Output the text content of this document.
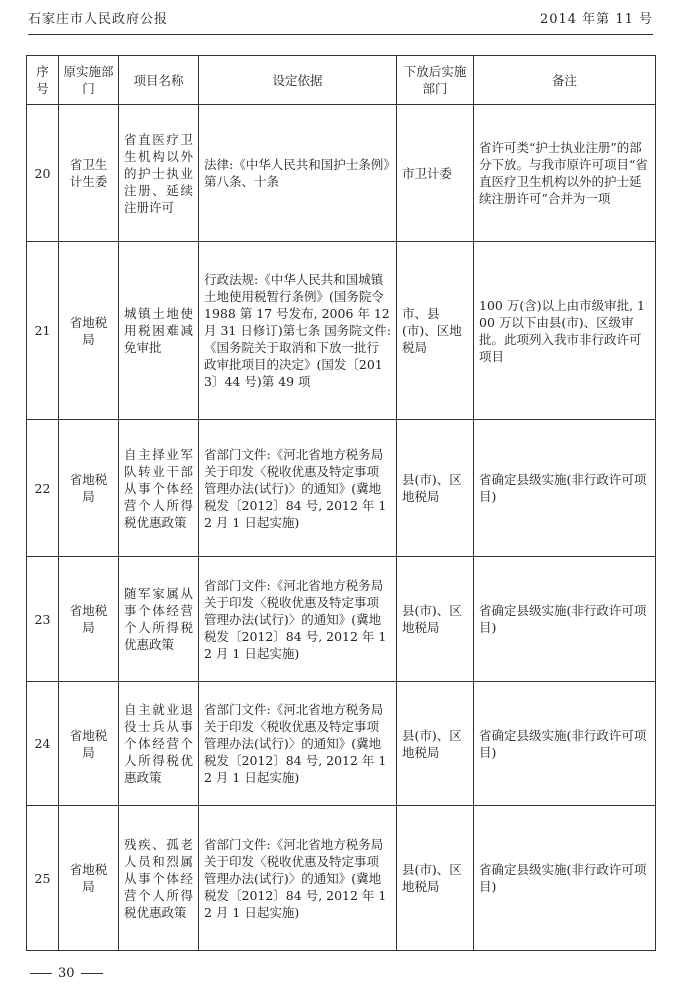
石家庄市人民政府公报	2014 年第 11 号
序号	原实施部门	项目名称	设定依据	下放后实施部门	备注
20	省卫生计生委	省直医疗卫生机构以外的护士执业注册、延续注册许可	法律:《中华人民共和国护士条例》第八条、十条	市卫计委	省许可类“护士执业注册”的部分下放。与我市原许可项目“省直医疗卫生机构以外的护士延续注册许可”合并为一项
21	省地税局	城镇土地使用税困难减免审批	行政法规:《中华人民共和国城镇土地使用税暂行条例》(国务院令 1988 第 17 号发布, 2006 年 12 月 31 日修订)第七条 国务院文件:《国务院关于取消和下放一批行政审批项目的决定》(国发〔2013〕44 号)第 49 项	市、县(市)、区地税局	100 万(含)以上由市级审批, 100 万以下由县(市)、区级审批。此项列入我市非行政许可项目
22	省地税局	自主择业军队转业干部从事个体经营个人所得税优惠政策	省部门文件:《河北省地方税务局关于印发〈税收优惠及特定事项管理办法(试行)〉的通知》(冀地税发〔2012〕84 号, 2012 年 12 月 1 日起实施)	县(市)、区地税局	省确定县级实施(非行政许可项目)
23	省地税局	随军家属从事个体经营个人所得税优惠政策	省部门文件:《河北省地方税务局关于印发〈税收优惠及特定事项管理办法(试行)〉的通知》(冀地税发〔2012〕84 号, 2012 年 12 月 1 日起实施)	县(市)、区地税局	省确定县级实施(非行政许可项目)
24	省地税局	自主就业退役士兵从事个体经营个人所得税优惠政策	省部门文件:《河北省地方税务局关于印发〈税收优惠及特定事项管理办法(试行)〉的通知》(冀地税发〔2012〕84 号, 2012 年 12 月 1 日起实施)	县(市)、区地税局	省确定县级实施(非行政许可项目)
25	省地税局	残疾、孤老人员和烈属从事个体经营个人所得税优惠政策	省部门文件:《河北省地方税务局关于印发〈税收优惠及特定事项管理办法(试行)〉的通知》(冀地税发〔2012〕84 号, 2012 年 12 月 1 日起实施)	县(市)、区地税局	省确定县级实施(非行政许可项目)
30
